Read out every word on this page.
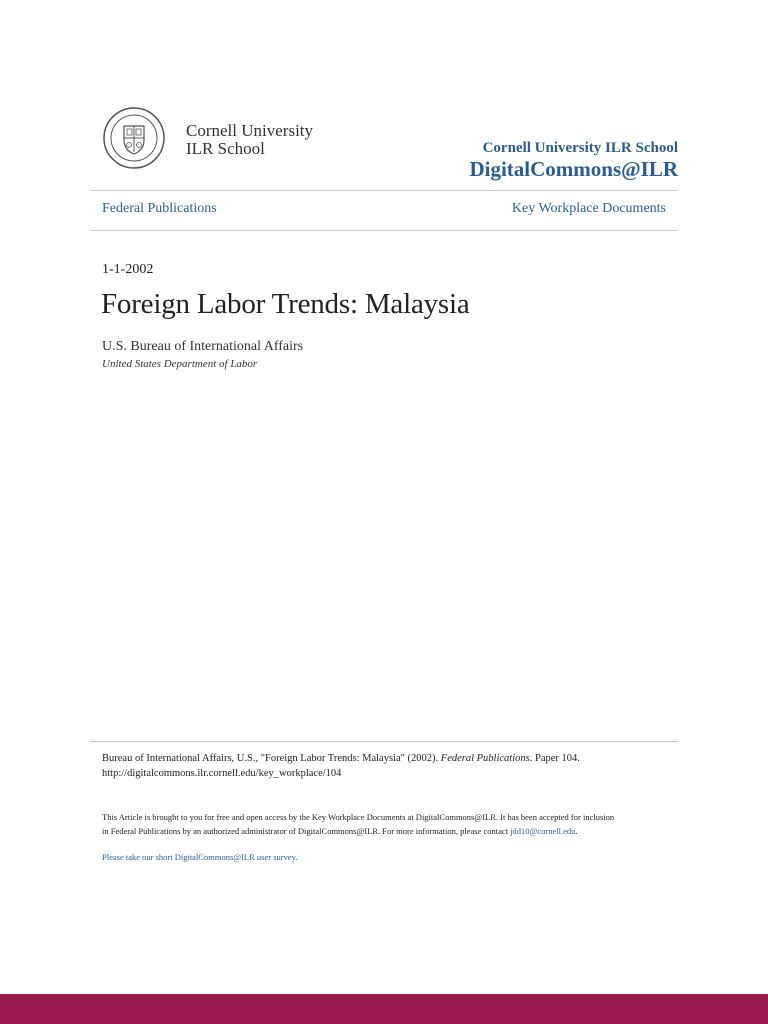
Cornell University
ILR School	Cornell University ILR School
DigitalCommons@ILR
Federal Publications	Key Workplace Documents
1-1-2002
Foreign Labor Trends: Malaysia
U.S. Bureau of International Affairs
United States Department of Labor
Bureau of International Affairs, U.S., "Foreign Labor Trends: Malaysia" (2002). Federal Publications. Paper 104.
http://digitalcommons.ilr.cornell.edu/key_workplace/104
This Article is brought to you for free and open access by the Key Workplace Documents at DigitalCommons@ILR. It has been accepted for inclusion
in Federal Publications by an authorized administrator of DigitalCommons@ILR. For more information, please contact jdd10@cornell.edu.
Please take our short DigitalCommons@ILR user survey.
